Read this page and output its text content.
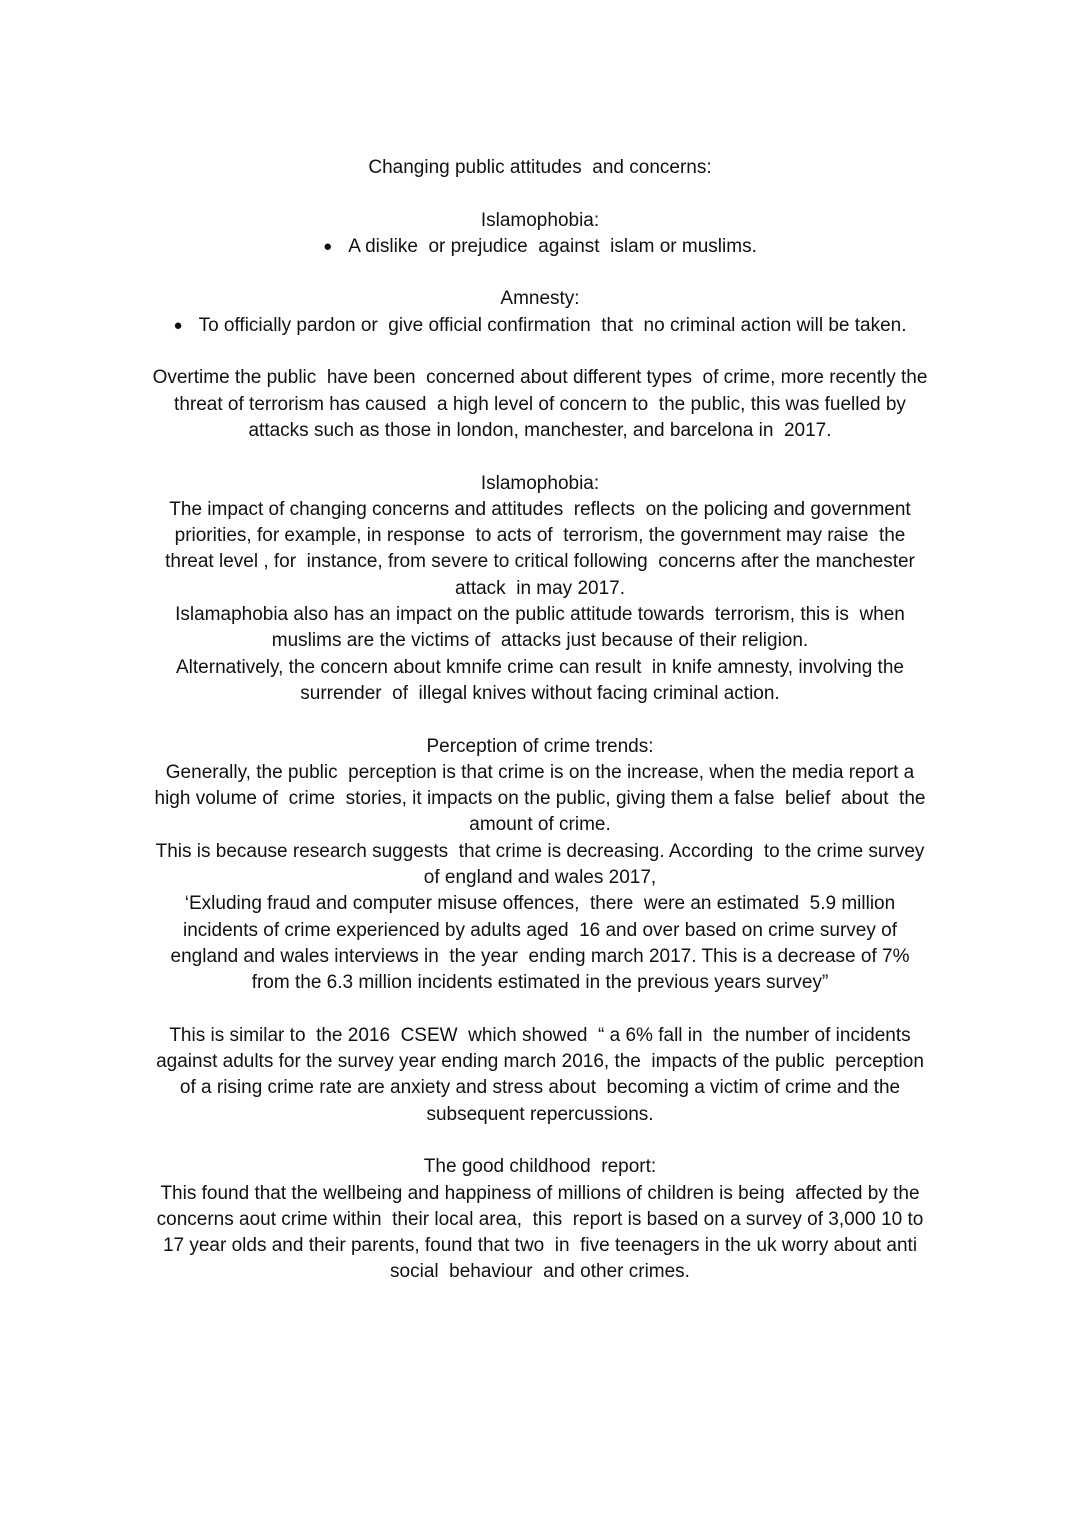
Changing public attitudes  and concerns:
Islamophobia:
● A dislike  or prejudice  against  islam or muslims.
Amnesty:
● To officially pardon or  give official confirmation  that  no criminal action will be taken.
Overtime the public  have been  concerned about different types  of crime, more recently the
threat of terrorism has caused  a high level of concern to  the public, this was fuelled by
attacks such as those in london, manchester, and barcelona in  2017.
Islamophobia:
The impact of changing concerns and attitudes  reflects  on the policing and government
priorities, for example, in response  to acts of  terrorism, the government may raise  the
threat level , for  instance, from severe to critical following  concerns after the manchester
attack  in may 2017.
Islamaphobia also has an impact on the public attitude towards  terrorism, this is  when
muslims are the victims of  attacks just because of their religion.
Alternatively, the concern about kmnife crime can result  in knife amnesty, involving the
surrender  of  illegal knives without facing criminal action.
Perception of crime trends:
Generally, the public  perception is that crime is on the increase, when the media report a
high volume of  crime  stories, it impacts on the public, giving them a false  belief  about  the
amount of crime.
This is because research suggests  that crime is decreasing. According  to the crime survey
of england and wales 2017,
‘Exluding fraud and computer misuse offences,  there  were an estimated  5.9 million
incidents of crime experienced by adults aged  16 and over based on crime survey of
england and wales interviews in  the year  ending march 2017. This is a decrease of 7%
from the 6.3 million incidents estimated in the previous years survey”
This is similar to  the 2016  CSEW  which showed  “ a 6% fall in  the number of incidents
against adults for the survey year ending march 2016, the  impacts of the public  perception
of a rising crime rate are anxiety and stress about  becoming a victim of crime and the
subsequent repercussions.
The good childhood  report:
This found that the wellbeing and happiness of millions of children is being  affected by the
concerns aout crime within  their local area,  this  report is based on a survey of 3,000 10 to
17 year olds and their parents, found that two  in  five teenagers in the uk worry about anti
social  behaviour  and other crimes.
